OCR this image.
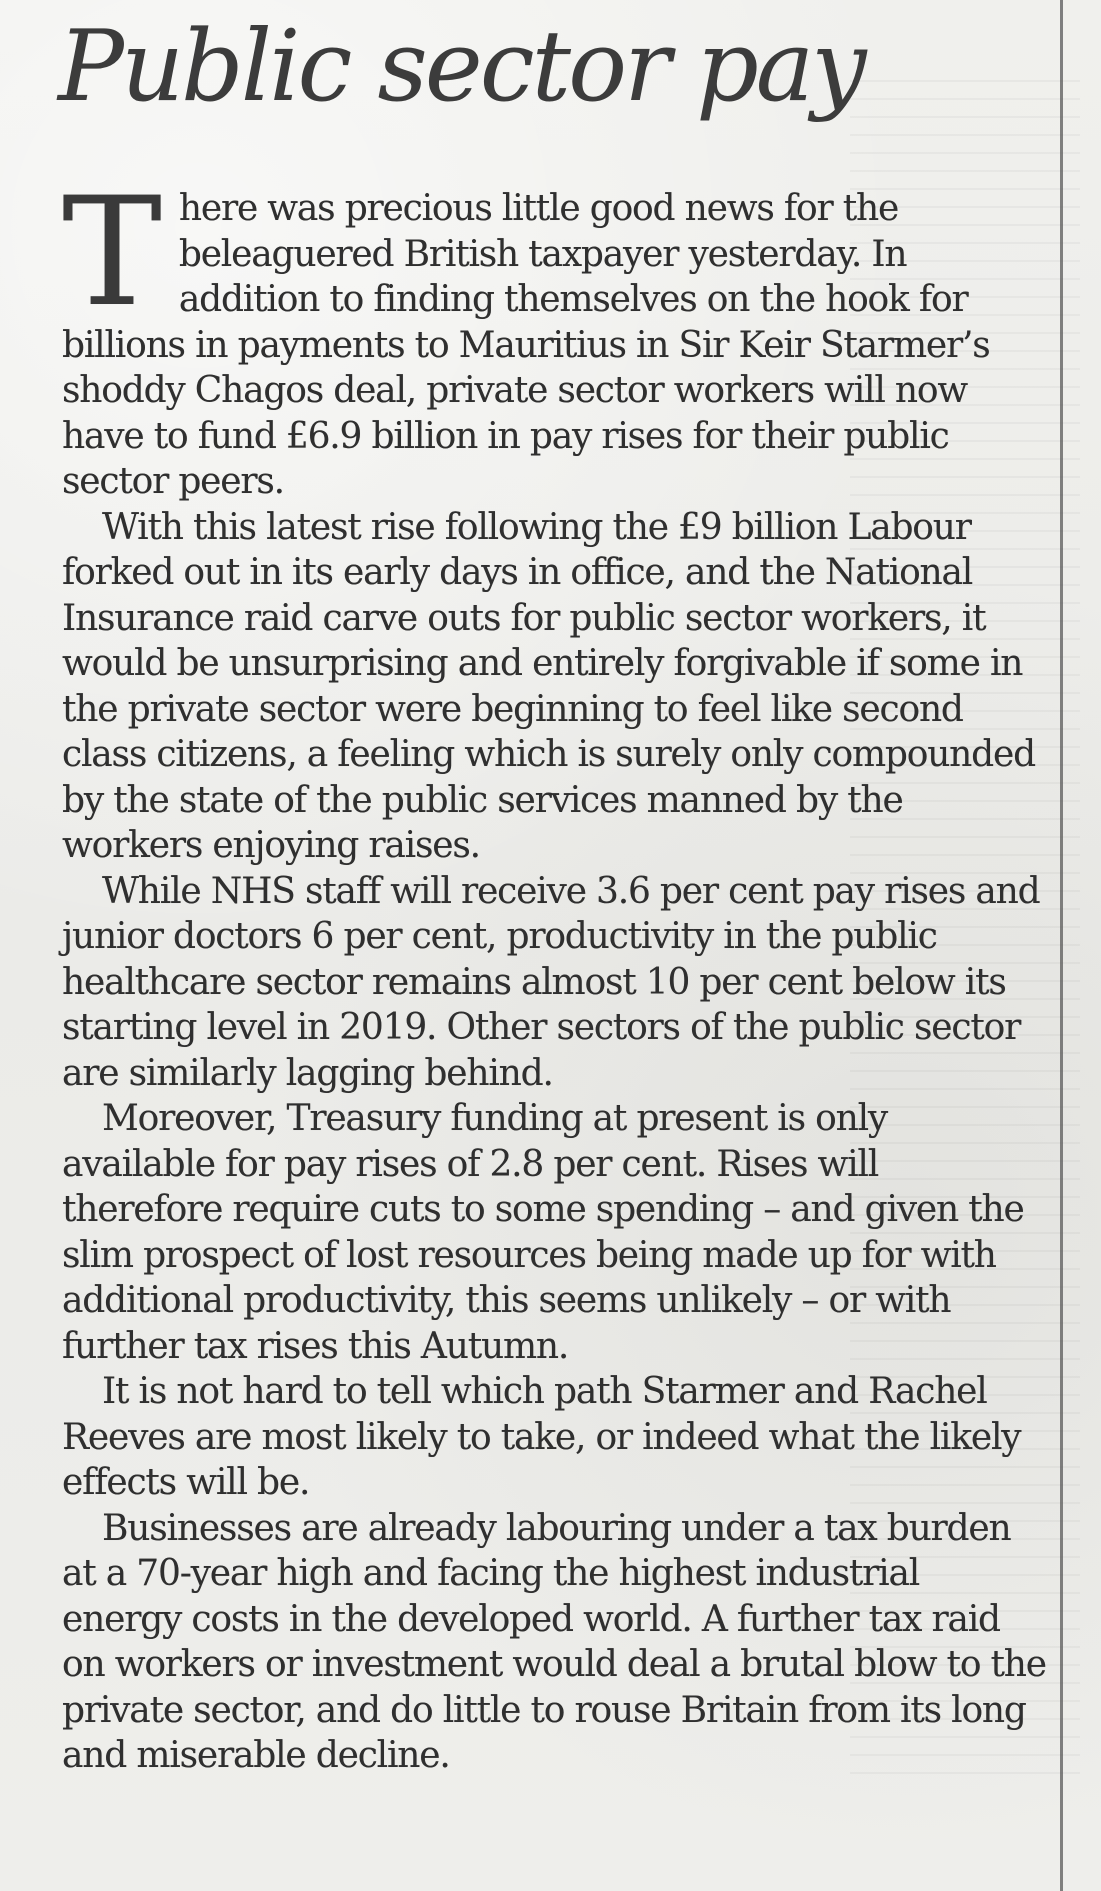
Public sector pay

There was precious little good news for the beleaguered British taxpayer yesterday. In addition to finding themselves on the hook for billions in payments to Mauritius in Sir Keir Starmer’s shoddy Chagos deal, private sector workers will now have to fund £6.9 billion in pay rises for their public sector peers.

With this latest rise following the £9 billion Labour forked out in its early days in office, and the National Insurance raid carve outs for public sector workers, it would be unsurprising and entirely forgivable if some in the private sector were beginning to feel like second class citizens, a feeling which is surely only compounded by the state of the public services manned by the workers enjoying raises.

While NHS staff will receive 3.6 per cent pay rises and junior doctors 6 per cent, productivity in the public healthcare sector remains almost 10 per cent below its starting level in 2019. Other sectors of the public sector are similarly lagging behind.

Moreover, Treasury funding at present is only available for pay rises of 2.8 per cent. Rises will therefore require cuts to some spending – and given the slim prospect of lost resources being made up for with additional productivity, this seems unlikely – or with further tax rises this Autumn.

It is not hard to tell which path Starmer and Rachel Reeves are most likely to take, or indeed what the likely effects will be.

Businesses are already labouring under a tax burden at a 70-year high and facing the highest industrial energy costs in the developed world. A further tax raid on workers or investment would deal a brutal blow to the private sector, and do little to rouse Britain from its long and miserable decline.
